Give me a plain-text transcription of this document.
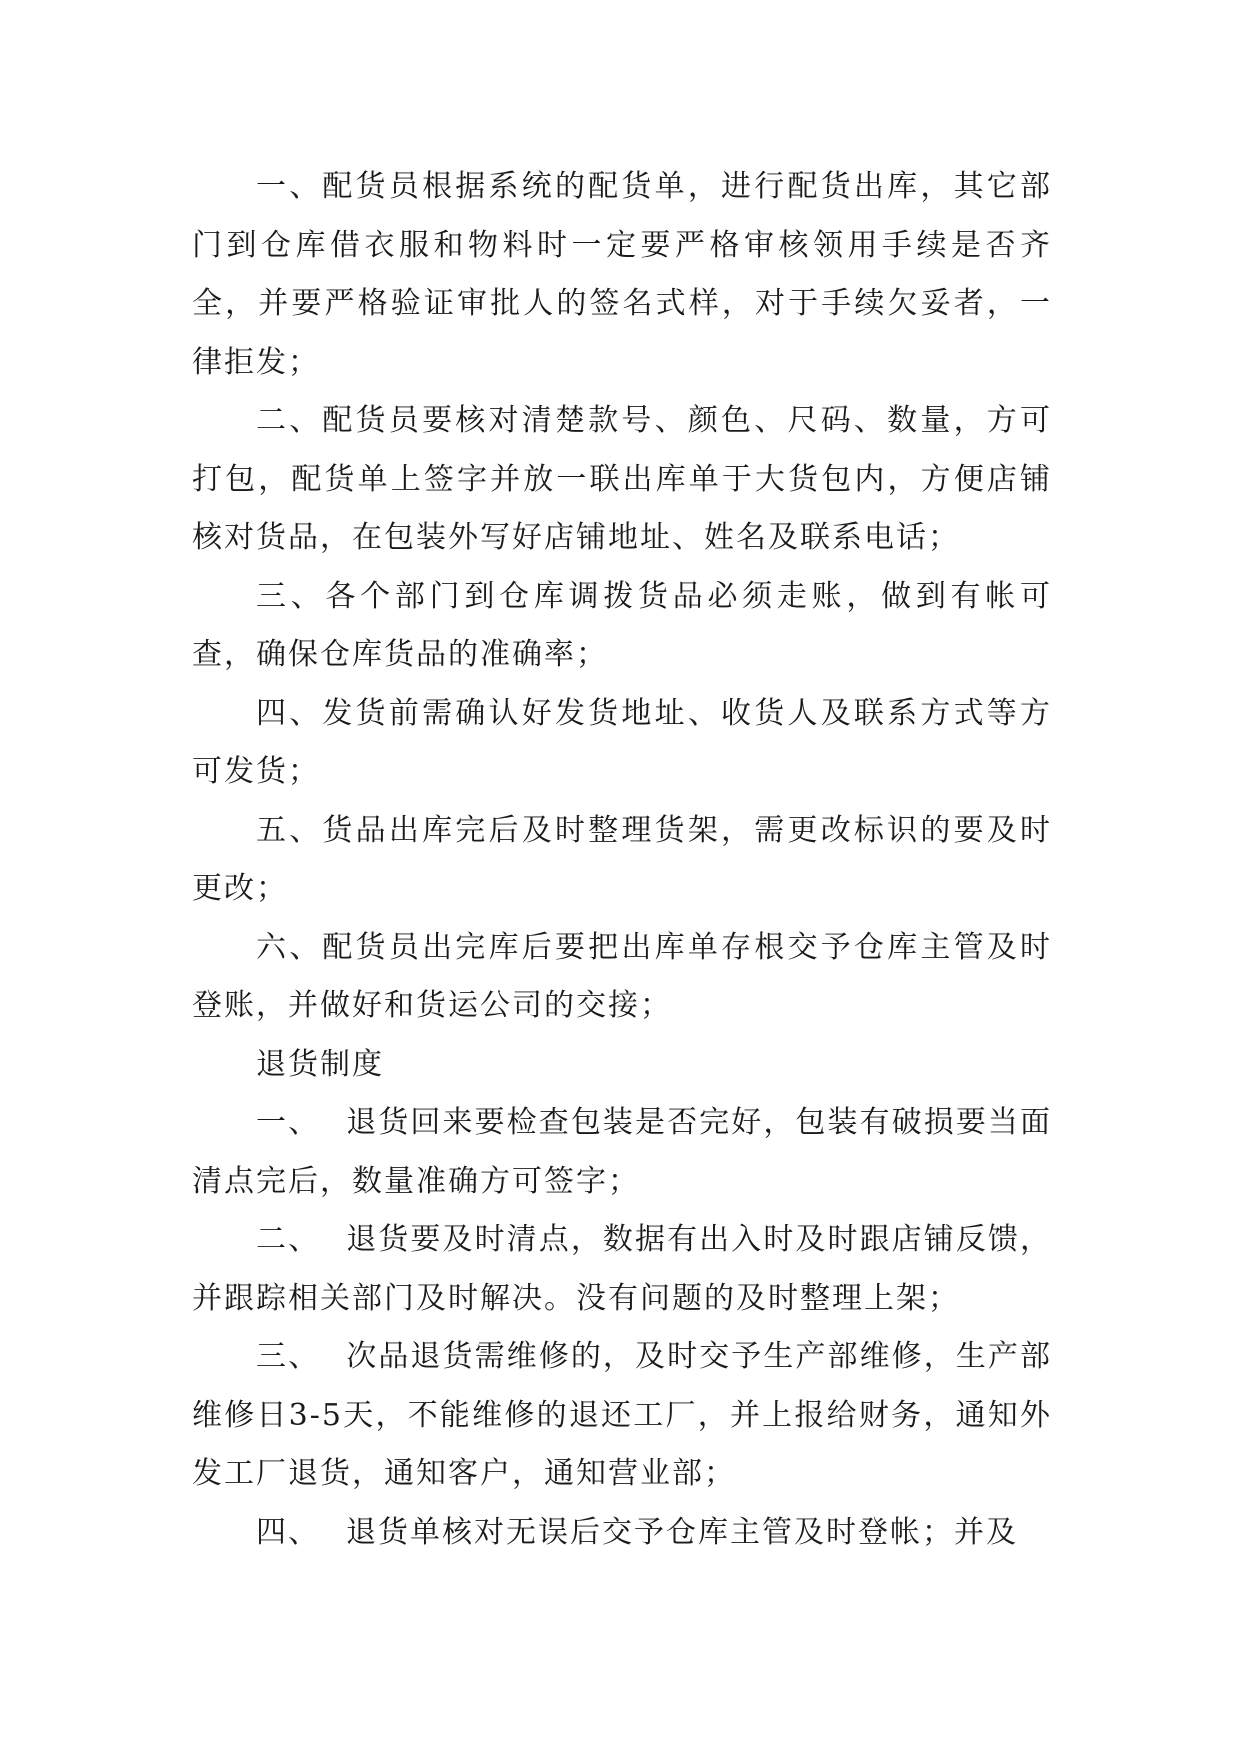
一、配货员根据系统的配货单，进行配货出库，其它部门到仓库借衣服和物料时一定要严格审核领用手续是否齐全，并要严格验证审批人的签名式样，对于手续欠妥者，一律拒发；

二、配货员要核对清楚款号、颜色、尺码、数量，方可打包，配货单上签字并放一联出库单于大货包内，方便店铺核对货品，在包装外写好店铺地址、姓名及联系电话；

三、各个部门到仓库调拨货品必须走账，做到有帐可查，确保仓库货品的准确率；

四、发货前需确认好发货地址、收货人及联系方式等方可发货；

五、货品出库完后及时整理货架，需更改标识的要及时更改；

六、配货员出完库后要把出库单存根交予仓库主管及时登账，并做好和货运公司的交接；

退货制度

一、 退货回来要检查包装是否完好，包装有破损要当面清点完后，数量准确方可签字；

二、 退货要及时清点，数据有出入时及时跟店铺反馈，并跟踪相关部门及时解决。没有问题的及时整理上架；

三、 次品退货需维修的，及时交予生产部维修，生产部维修日3-5天，不能维修的退还工厂，并上报给财务，通知外发工厂退货，通知客户，通知营业部；

四、 退货单核对无误后交予仓库主管及时登帐；并及
